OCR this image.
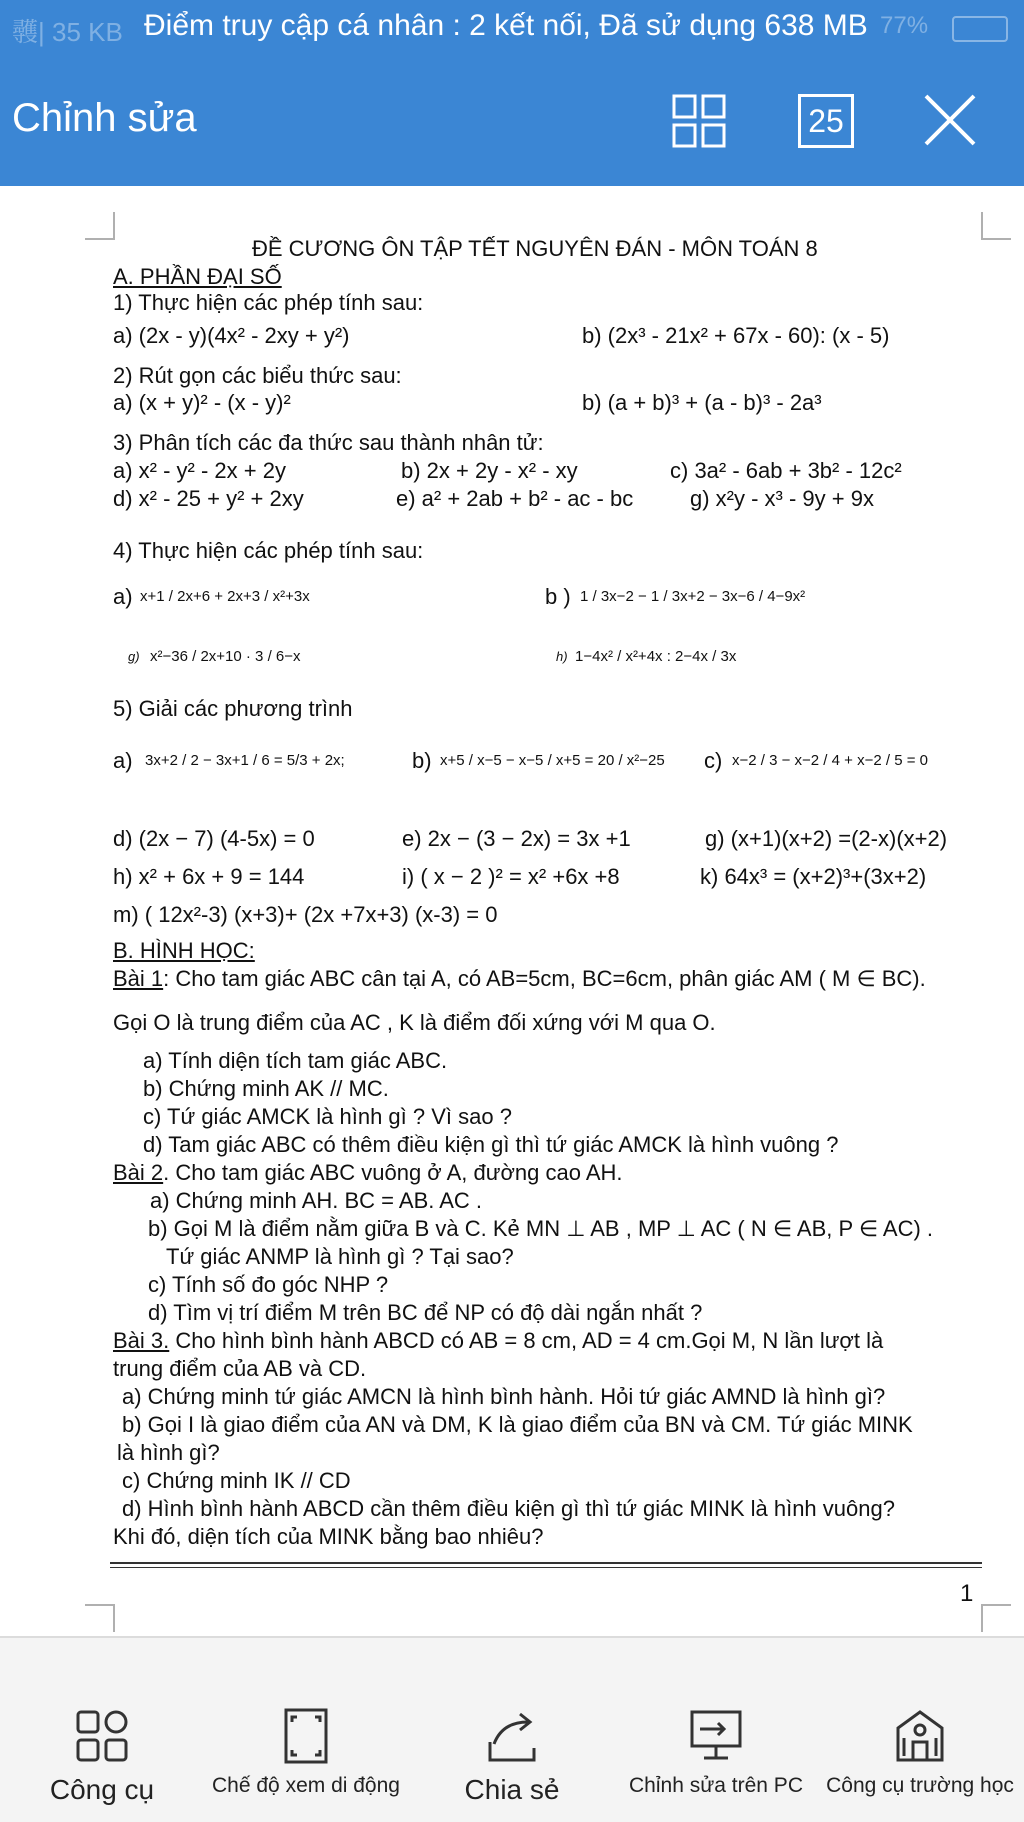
彠| 35 KB Điểm truy cập cá nhân : 2 kết nối, Đã sử dụng 638 MB 77%
Chỉnh sửa	25
ĐỀ CƯƠNG ÔN TẬP TẾT NGUYÊN ĐÁN - MÔN TOÁN 8
A. PHẦN ĐẠI SỐ
1) Thực hiện các phép tính sau:
a) (2x - y)(4x² - 2xy + y²)	b) (2x³ - 21x² + 67x - 60): (x - 5)
2) Rút gọn các biểu thức sau:
a) (x + y)² - (x - y)²	b) (a + b)³ + (a - b)³ - 2a³
3) Phân tích các đa thức sau thành nhân tử:
a) x² - y² - 2x + 2y	b) 2x + 2y - x² - xy	c) 3a² - 6ab + 3b² - 12c²
d) x² - 25 + y² + 2xy	e) a² + 2ab + b² - ac - bc	g) x²y - x³ - 9y + 9x
4) Thực hiện các phép tính sau:
a) x+1 / 2x+6 + 2x+3 / x²+3x	b ) 1 / 3x−2 − 1 / 3x+2 − 3x−6 / 4−9x²
g) x²−36 / 2x+10 · 3 / 6−x	h) 1−4x² / x²+4x : 2−4x / 3x
5) Giải các phương trình
a) 3x+2 / 2 − 3x+1 / 6 = 5/3 + 2x;	b) x+5 / x−5 − x−5 / x+5 = 20 / x²−25 c) x−2 / 3 − x−2 / 4 + x−2 / 5 = 0
d) (2x − 7) (4-5x) = 0	e) 2x − (3 − 2x) = 3x +1	g) (x+1)(x+2) =(2-x)(x+2)
h) x² + 6x + 9 = 144	i) ( x − 2 )² = x² +6x +8	k) 64x³ = (x+2)³+(3x+2)
m) ( 12x²-3) (x+3)+ (2x +7x+3) (x-3) = 0
B. HÌNH HỌC:
Bài 1: Cho tam giác ABC cân tại A, có AB=5cm, BC=6cm, phân giác AM ( M ∈ BC).
Gọi O là trung điểm của AC , K là điểm đối xứng với M qua O.
a) Tính diện tích tam giác ABC.
b) Chứng minh AK // MC.
c) Tứ giác AMCK là hình gì ? Vì sao ?
d) Tam giác ABC có thêm điều kiện gì thì tứ giác AMCK là hình vuông ?
Bài 2. Cho tam giác ABC vuông ở A, đường cao AH.
a) Chứng minh AH. BC = AB. AC .
b) Gọi M là điểm nằm giữa B và C. Kẻ MN ⊥ AB , MP ⊥ AC ( N ∈ AB, P ∈ AC) .
Tứ giác ANMP là hình gì ? Tại sao?
c) Tính số đo góc NHP ?
d) Tìm vị trí điểm M trên BC để NP có độ dài ngắn nhất ?
Bài 3. Cho hình bình hành ABCD có AB = 8 cm, AD = 4 cm.Gọi M, N lần lượt là
trung điểm của AB và CD.
a) Chứng minh tứ giác AMCN là hình bình hành. Hỏi tứ giác AMND là hình gì?
b) Gọi I là giao điểm của AN và DM, K là giao điểm của BN và CM. Tứ giác MINK
là hình gì?
c) Chứng minh IK // CD
d) Hình bình hành ABCD cần thêm điều kiện gì thì tứ giác MINK là hình vuông?
Khi đó, diện tích của MINK bằng bao nhiêu?
1
Công cụ	Chế độ xem di động	Chia sẻ	Chỉnh sửa trên PC	Công cụ trường học
